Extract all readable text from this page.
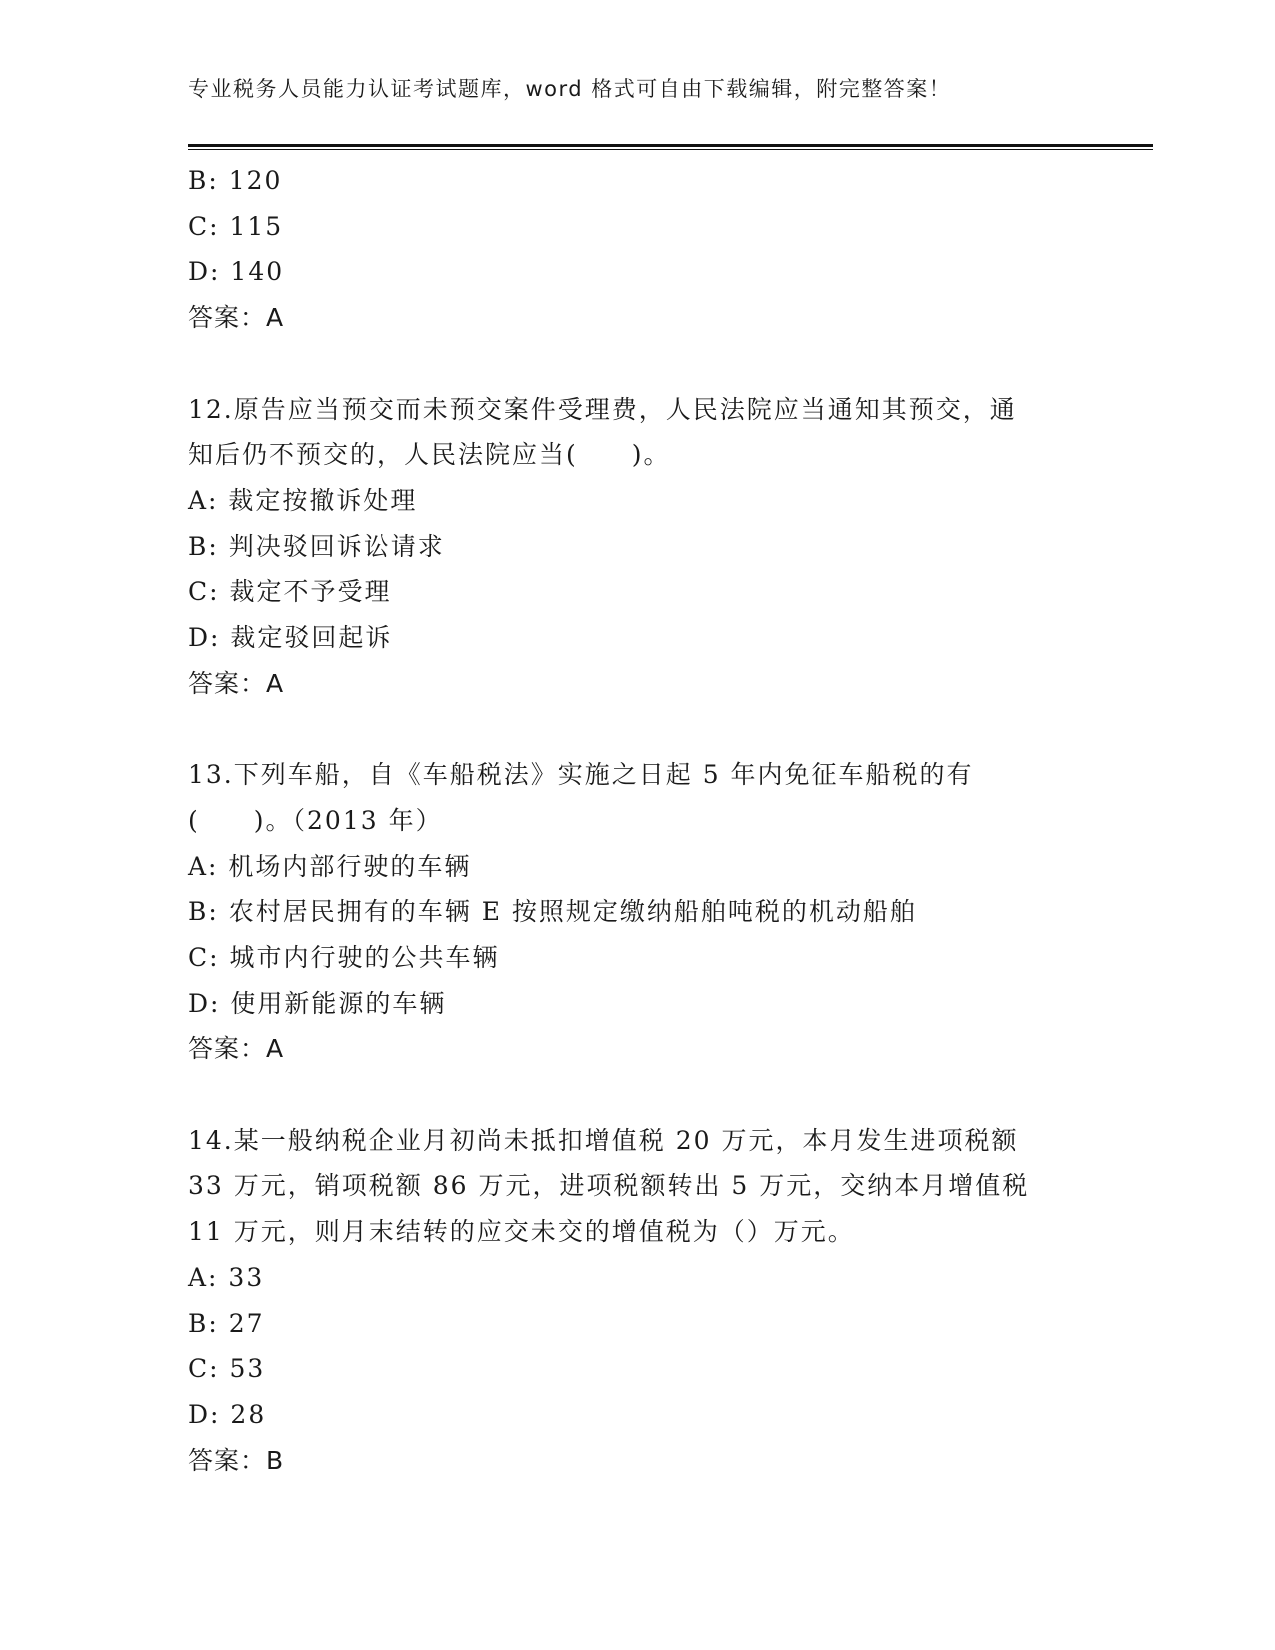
专业税务人员能力认证考试题库，word 格式可自由下载编辑，附完整答案！
B: 120
C: 115
D: 140
答案：A
12.原告应当预交而未预交案件受理费，人民法院应当通知其预交，通
知后仍不预交的，人民法院应当(　　)。
A: 裁定按撤诉处理
B: 判决驳回诉讼请求
C: 裁定不予受理
D: 裁定驳回起诉
答案：A
13.下列车船，自《车船税法》实施之日起 5 年内免征车船税的有
(　　)。（2013 年）
A: 机场内部行驶的车辆
B: 农村居民拥有的车辆 E 按照规定缴纳船舶吨税的机动船舶
C: 城市内行驶的公共车辆
D: 使用新能源的车辆
答案：A
14.某一般纳税企业月初尚未抵扣增值税 20 万元，本月发生进项税额
33 万元，销项税额 86 万元，进项税额转出 5 万元，交纳本月增值税
11 万元，则月末结转的应交未交的增值税为（）万元。
A: 33
B: 27
C: 53
D: 28
答案：B
